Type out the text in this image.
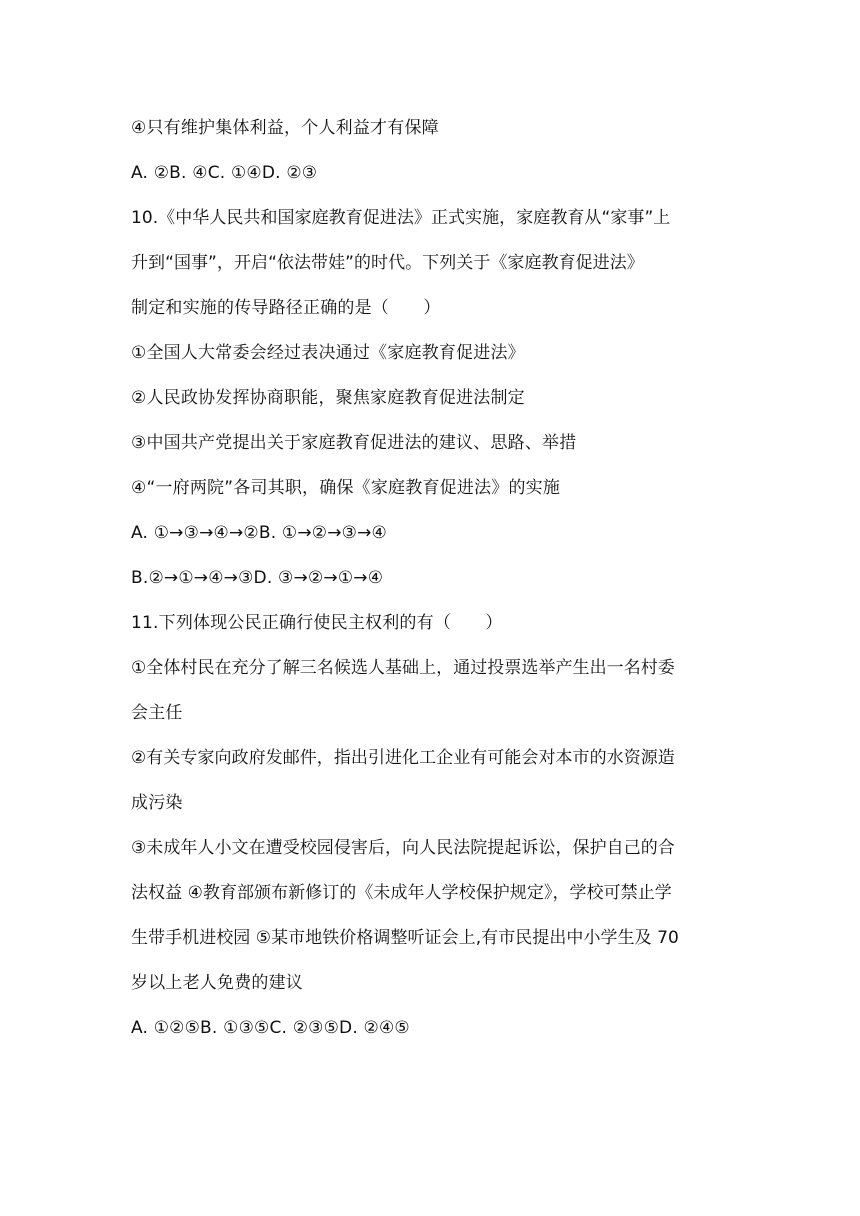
④只有维护集体利益，个人利益才有保障
A. ②B. ④C. ①④D. ②③
10.《中华人民共和国家庭教育促进法》正式实施，家庭教育从“家事”上
升到“国事”，开启“依法带娃”的时代。下列关于《家庭教育促进法》
制定和实施的传导路径正确的是（　　）
①全国人大常委会经过表决通过《家庭教育促进法》
②人民政协发挥协商职能，聚焦家庭教育促进法制定
③中国共产党提出关于家庭教育促进法的建议、思路、举措
④“一府两院”各司其职，确保《家庭教育促进法》的实施
A. ①→③→④→②B. ①→②→③→④
B.②→①→④→③D. ③→②→①→④
11.下列体现公民正确行使民主权利的有（　　）
①全体村民在充分了解三名候选人基础上，通过投票选举产生出一名村委
会主任
②有关专家向政府发邮件，指出引进化工企业有可能会对本市的水资源造
成污染
③未成年人小文在遭受校园侵害后，向人民法院提起诉讼，保护自己的合
法权益 ④教育部颁布新修订的《未成年人学校保护规定》，学校可禁止学
生带手机进校园 ⑤某市地铁价格调整听证会上,有市民提出中小学生及 70
岁以上老人免费的建议
A. ①②⑤B. ①③⑤C. ②③⑤D. ②④⑤
